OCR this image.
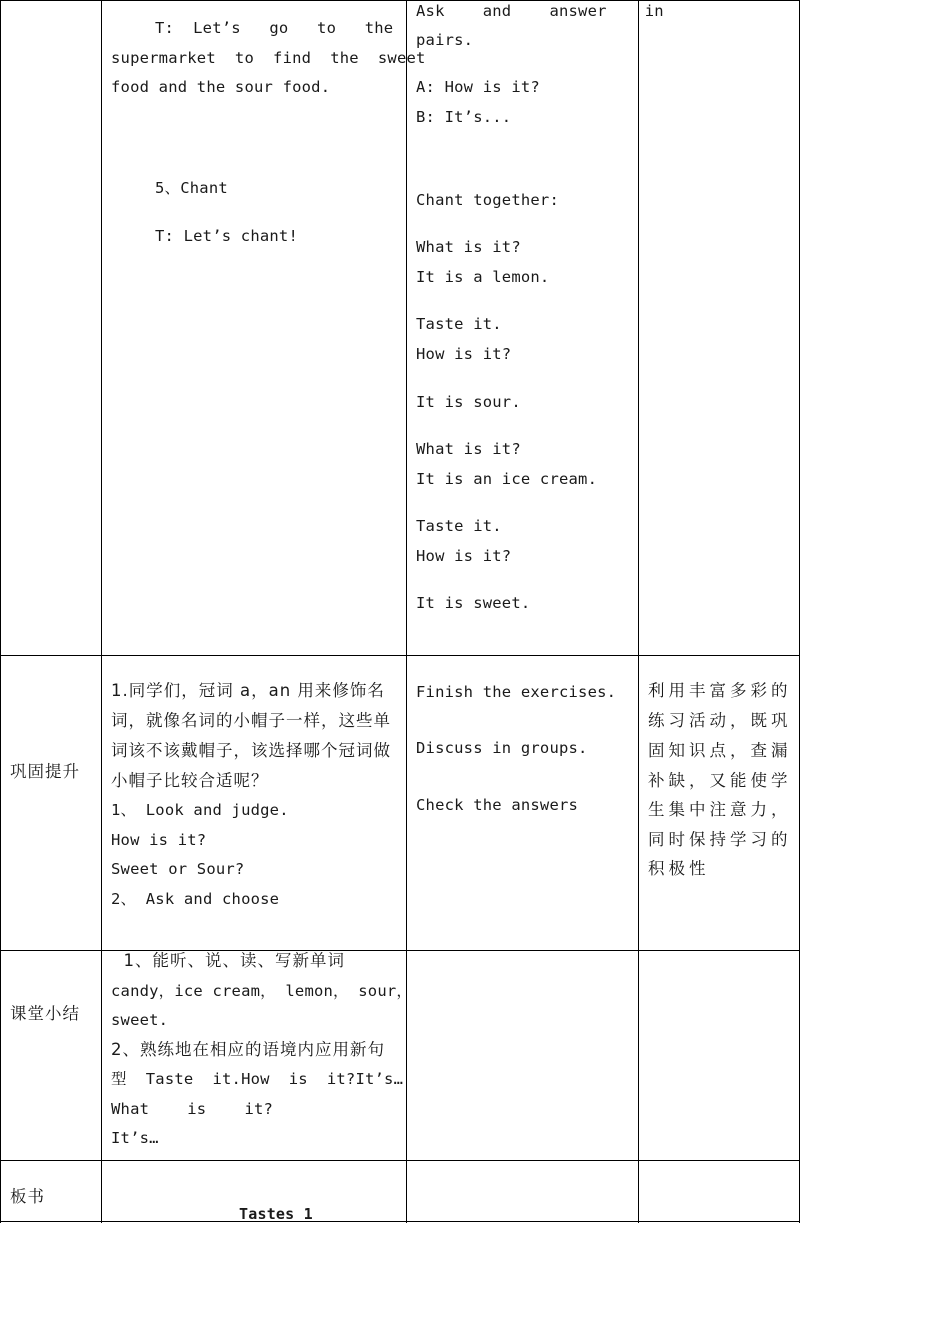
T:  Let’s   go   to   the
supermarket  to  find  the  sweet
food and the sour food.
5、Chant
T: Let’s chant!
Ask    and    answer    in
pairs.
A: How is it?
B: It’s...
Chant together:
What is it?
It is a lemon.
Taste it.
How is it?
It is sour.
What is it?
It is an ice cream.
Taste it.
How is it?
It is sweet.
巩固提升
1.同学们，冠词 a，an 用来修饰名
词，就像名词的小帽子一样，这些单
词该不该戴帽子，该选择哪个冠词做
小帽子比较合适呢？
1、 Look and judge.
How is it?
Sweet or Sour?
2、 Ask and choose
Finish the exercises.
Discuss in groups.
Check the answers
利用丰富多彩的
练习活动，既巩
固知识点，查漏
补缺，又能使学
生集中注意力，
同时保持学习的
积极性
课堂小结
1、能听、说、读、写新单词
candy，ice cream， lemon， sour，
sweet.
2、熟练地在相应的语境内应用新句
型  Taste  it.How  is  it?It’s…
What    is    it?
It’s…
板书
Tastes 1
